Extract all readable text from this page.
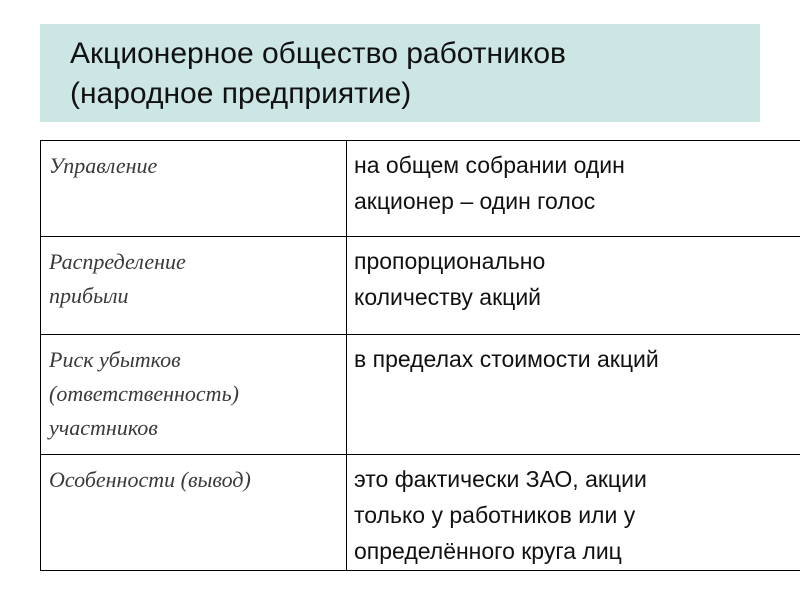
Акционерное общество работников
(народное предприятие)
Управление	на общем собрании один
акционер – один голос

Распределение
прибыли	пропорционально
количеству акций

Риск убытков
(ответственность)
участников	в пределах стоимости акций

Особенности (вывод)	это фактически ЗАО, акции
только у работников или у
определённого круга лиц
